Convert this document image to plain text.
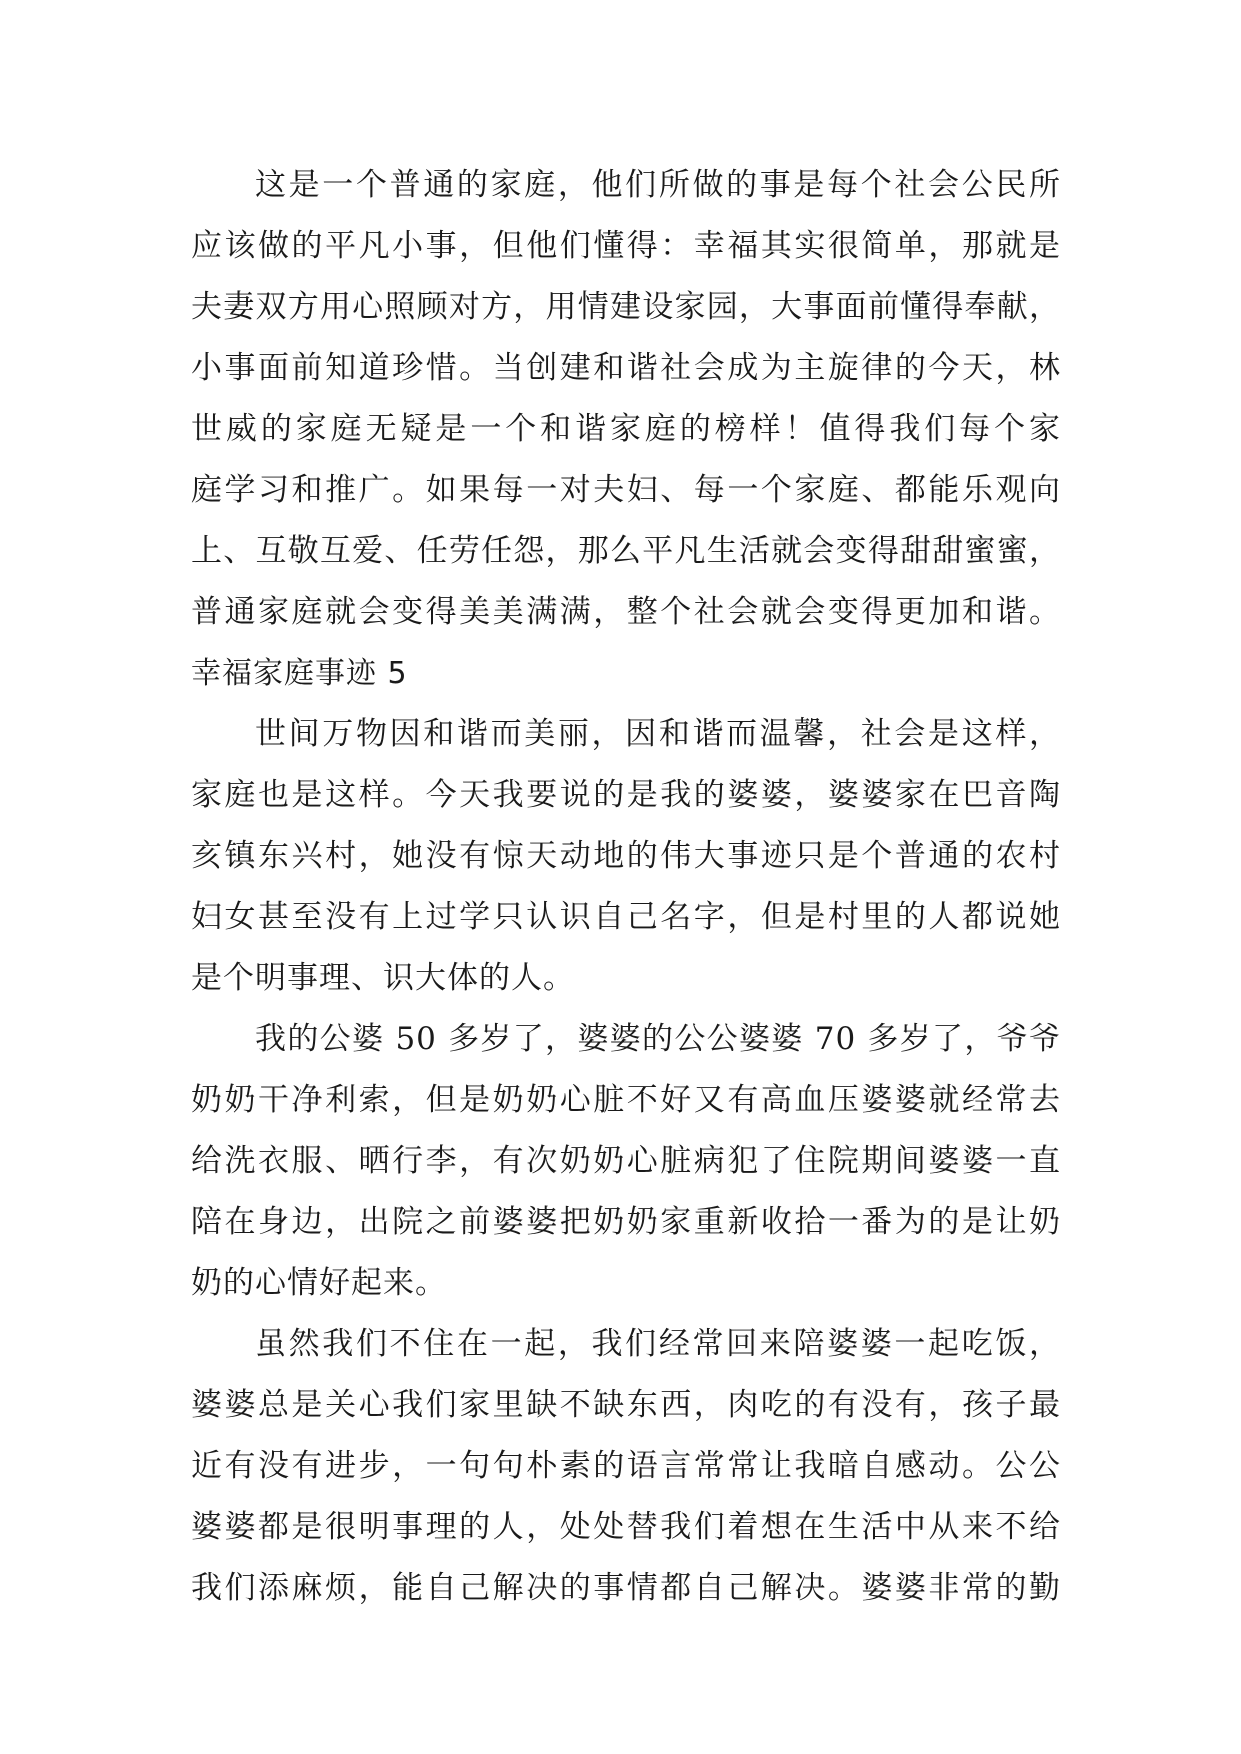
这是一个普通的家庭，他们所做的事是每个社会公民所
应该做的平凡小事，但他们懂得：幸福其实很简单，那就是
夫妻双方用心照顾对方，用情建设家园，大事面前懂得奉献，
小事面前知道珍惜。当创建和谐社会成为主旋律的今天，林
世威的家庭无疑是一个和谐家庭的榜样！值得我们每个家
庭学习和推广。如果每一对夫妇、每一个家庭、都能乐观向
上、互敬互爱、任劳任怨，那么平凡生活就会变得甜甜蜜蜜，
普通家庭就会变得美美满满，整个社会就会变得更加和谐。
幸福家庭事迹 5
世间万物因和谐而美丽，因和谐而温馨，社会是这样，
家庭也是这样。今天我要说的是我的婆婆，婆婆家在巴音陶
亥镇东兴村，她没有惊天动地的伟大事迹只是个普通的农村
妇女甚至没有上过学只认识自己名字，但是村里的人都说她
是个明事理、识大体的人。
我的公婆 50 多岁了，婆婆的公公婆婆 70 多岁了，爷爷
奶奶干净利索，但是奶奶心脏不好又有高血压婆婆就经常去
给洗衣服、晒行李，有次奶奶心脏病犯了住院期间婆婆一直
陪在身边，出院之前婆婆把奶奶家重新收拾一番为的是让奶
奶的心情好起来。
虽然我们不住在一起，我们经常回来陪婆婆一起吃饭，
婆婆总是关心我们家里缺不缺东西，肉吃的有没有，孩子最
近有没有进步，一句句朴素的语言常常让我暗自感动。公公
婆婆都是很明事理的人，处处替我们着想在生活中从来不给
我们添麻烦，能自己解决的事情都自己解决。婆婆非常的勤
